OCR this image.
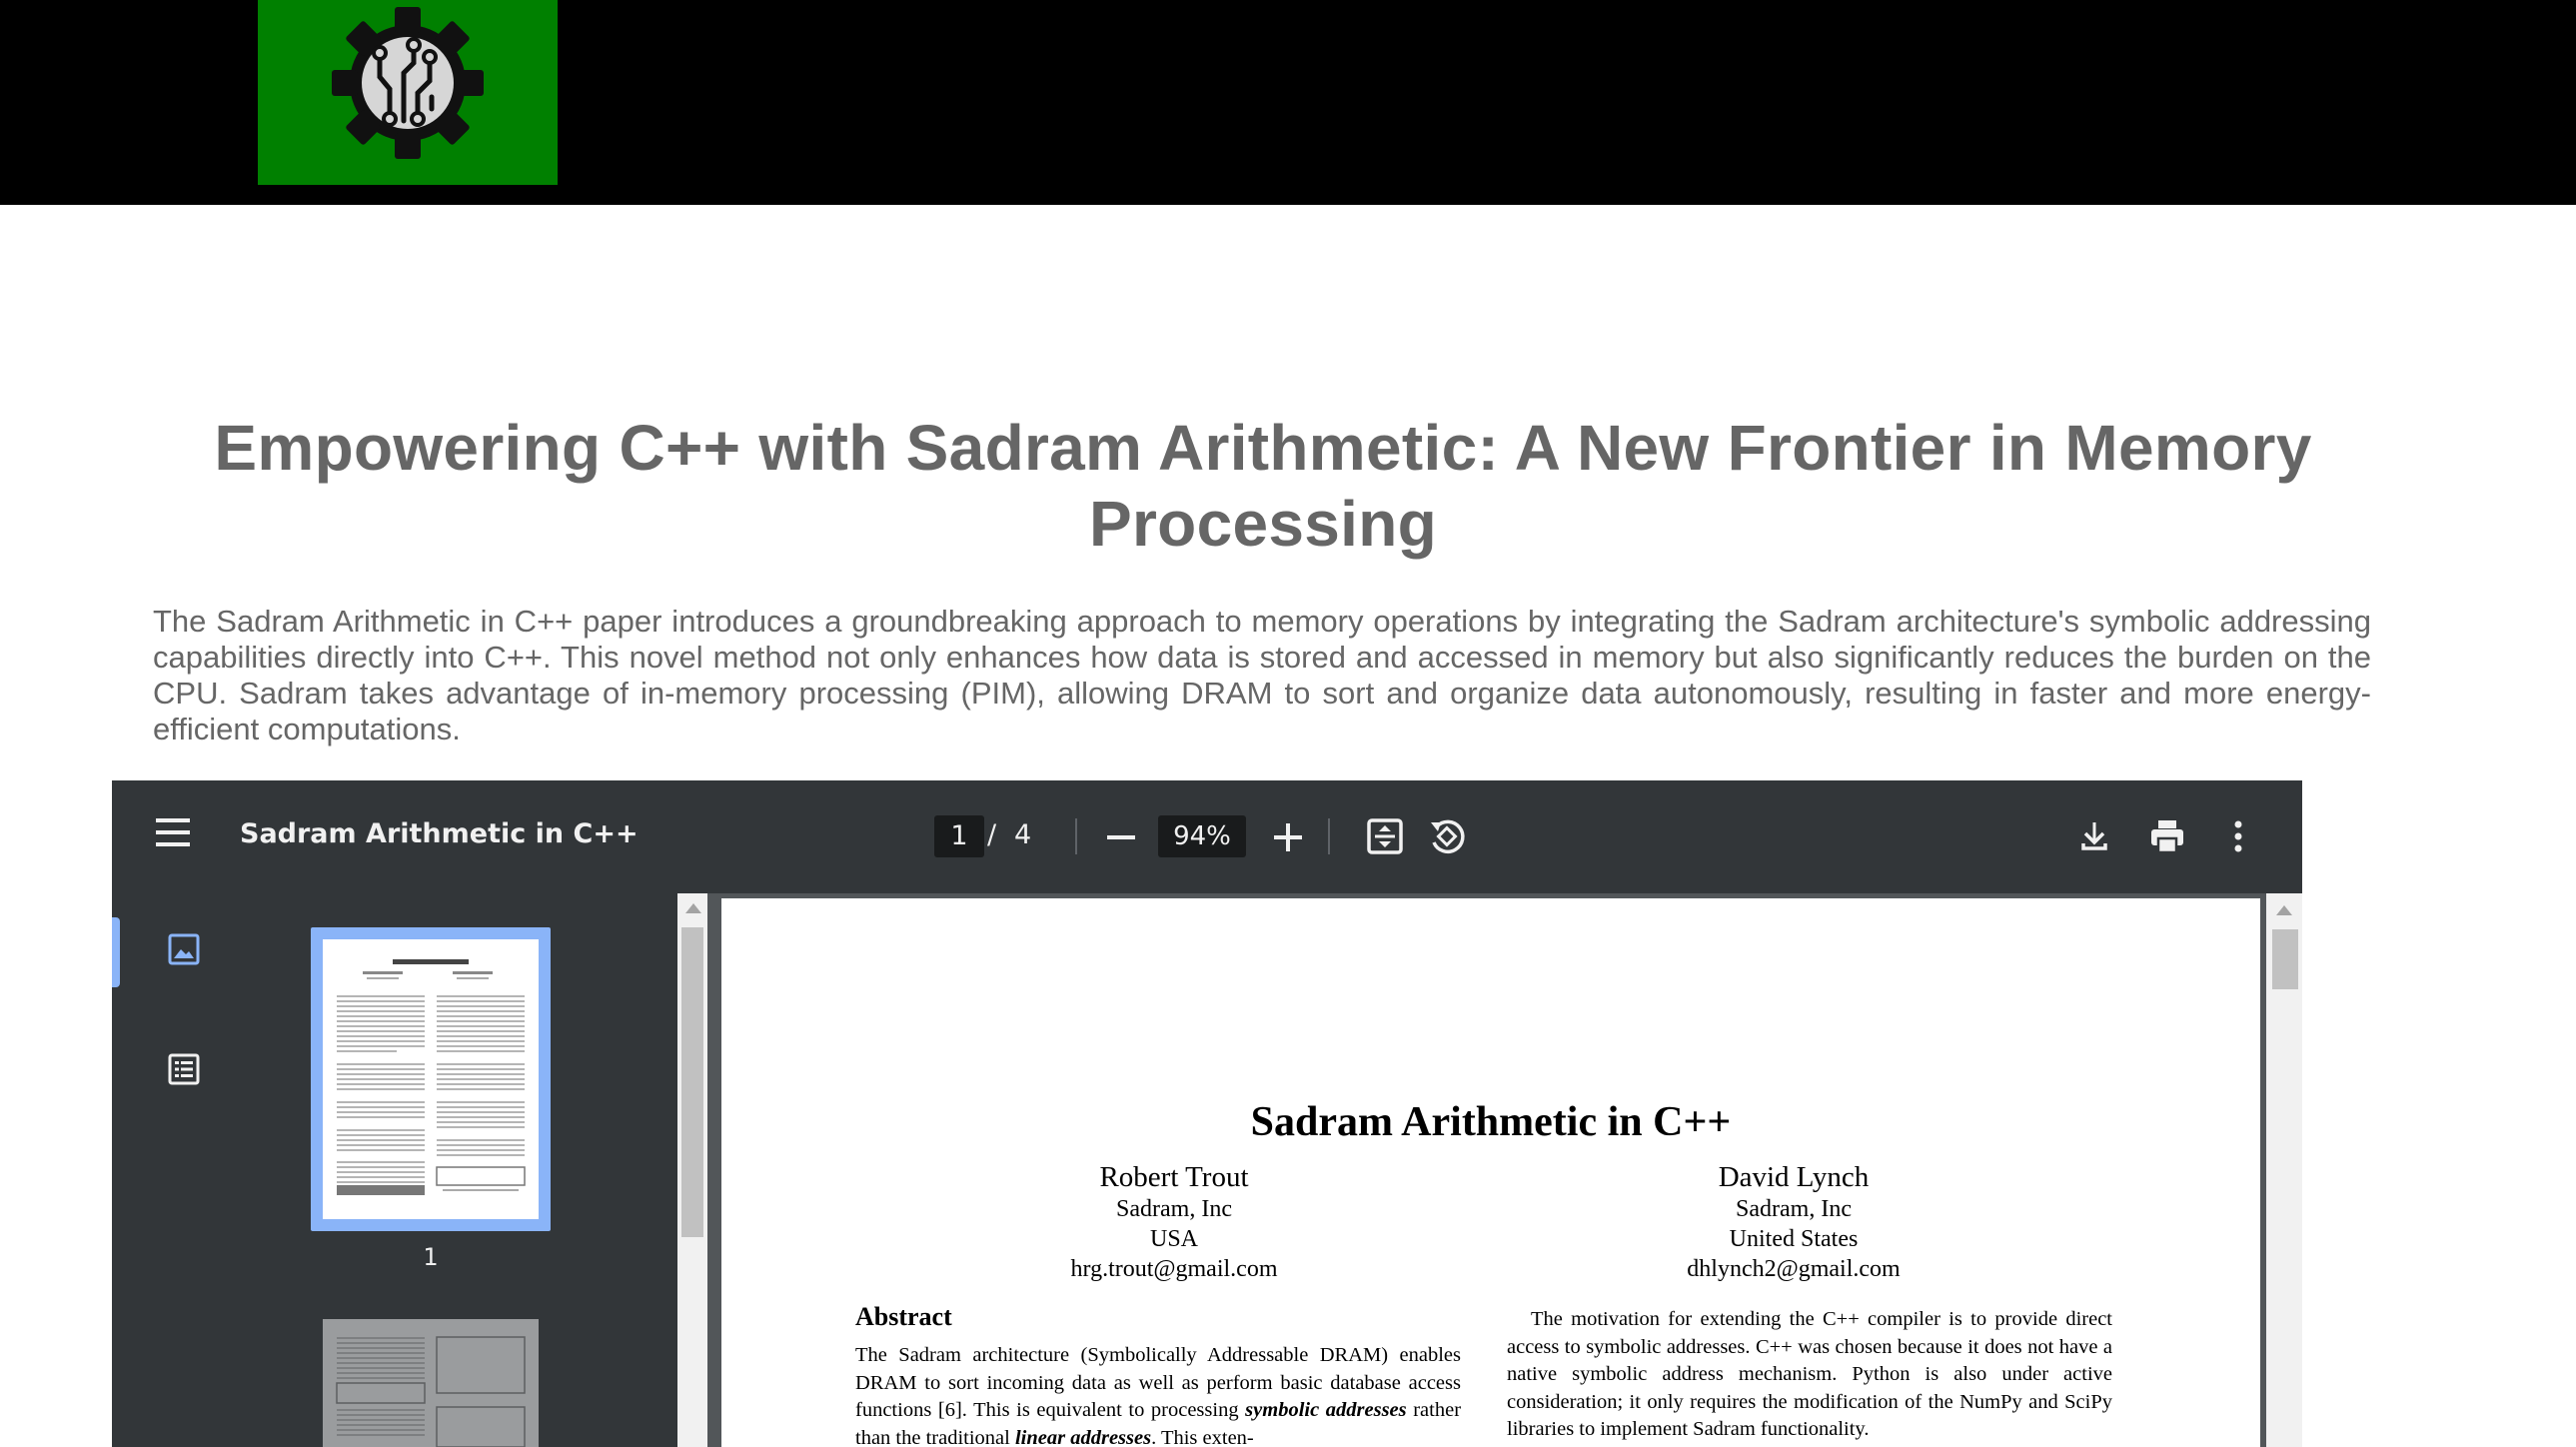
Empowering C++ with Sadram Arithmetic: A New Frontier in Memory Processing

The Sadram Arithmetic in C++ paper introduces a groundbreaking approach to memory operations by integrating the Sadram architecture's symbolic addressing capabilities directly into C++. This novel method not only enhances how data is stored and accessed in memory but also significantly reduces the burden on the CPU. Sadram takes advantage of in-memory processing (PIM), allowing DRAM to sort and organize data autonomously, resulting in faster and more energy-efficient computations.

Sadram Arithmetic in C++	1 / 4	94%
1
Sadram Arithmetic in C++
Robert Trout
Sadram, Inc
USA
hrg.trout@gmail.com
David Lynch
Sadram, Inc
United States
dhlynch2@gmail.com
Abstract
The Sadram architecture (Symbolically Addressable DRAM) enables DRAM to sort incoming data as well as perform basic database access functions [6]. This is equivalent to processing symbolic addresses rather than the traditional linear addresses. This exten-
The motivation for extending the C++ compiler is to provide direct access to symbolic addresses. C++ was chosen because it does not have a native symbolic address mechanism. Python is also under active consideration; it only requires the modification of the NumPy and SciPy libraries to implement Sadram functionality.
